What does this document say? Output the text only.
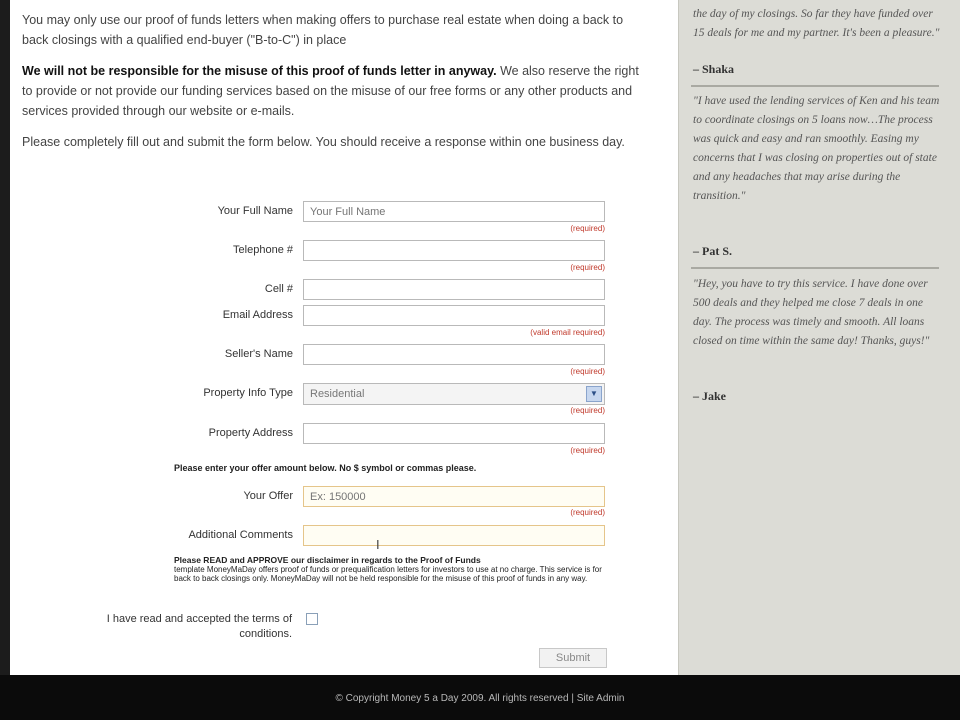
You may only use our proof of funds letters when making offers to purchase real estate when doing a back to back closings with a qualified end-buyer ("B-to-C") in place

We will not be responsible for the misuse of this proof of funds letter in anyway. We also reserve the right to provide or not provide our funding services based on the misuse of our free forms or any other products and services provided through our website or e-mails.

Please completely fill out and submit the form below. You should receive a response within one business day.

Your Full Name
Your Full Name
(required)
Telephone #
(required)
Cell #
Email Address
(valid email required)
Seller's Name
(required)
Property Info Type	Residential	▼
(required)
Property Address
(required)
Please enter your offer amount below. No $ symbol or commas please.
Your Offer
Ex: 150000
(required)
Additional Comments
I
Please READ and APPROVE our disclaimer in regards to the Proof of Funds
template MoneyMaDay offers proof of funds or prequalification letters for investors to use at no charge. This service is for back to back closings only. MoneyMaDay will not be held responsible for the misuse of this proof of funds in any way.
I have read and accepted the terms of conditions.
Submit
the day of my closings. So far they have funded over 15 deals for me and my partner. It's been a pleasure."
– Shaka
"I have used the lending services of Ken and his team to coordinate closings on 5 loans now…The process was quick and easy and ran smoothly. Easing my concerns that I was closing on properties out of state and any headaches that may arise during the transition."
– Pat S.
"Hey, you have to try this service. I have done over 500 deals and they helped me close 7 deals in one day. The process was timely and smooth. All loans closed on time within the same day! Thanks, guys!"
– Jake
© Copyright Money 5 a Day 2009. All rights reserved | Site Admin
